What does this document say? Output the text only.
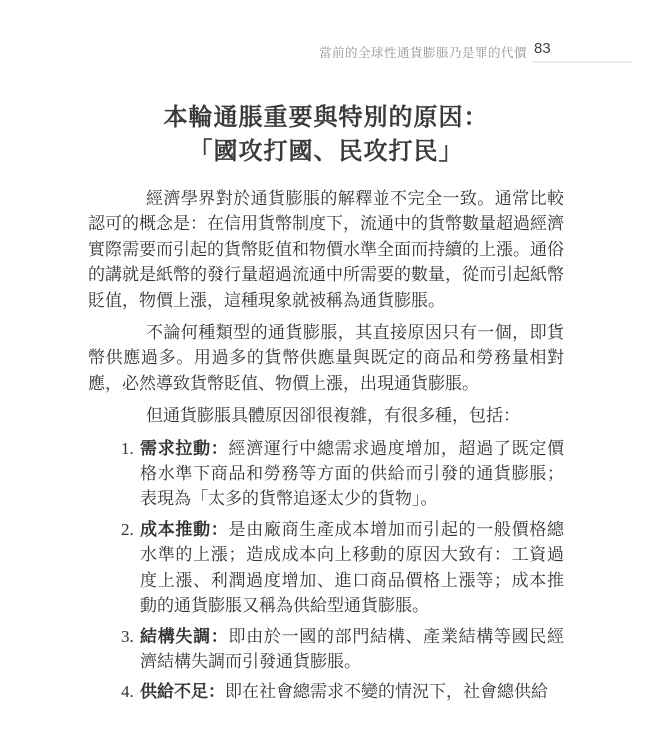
當前的全球性通貨膨脹乃是罪的代價 83
本輪通脹重要與特別的原因：
「國攻打國、民攻打民」

經濟學界對於通貨膨脹的解釋並不完全一致。通常比較認可的概念是：在信用貨幣制度下，流通中的貨幣數量超過經濟實際需要而引起的貨幣貶值和物價水準全面而持續的上漲。通俗的講就是紙幣的發行量超過流通中所需要的數量，從而引起紙幣貶值，物價上漲，這種現象就被稱為通貨膨脹。

不論何種類型的通貨膨脹，其直接原因只有一個，即貨幣供應過多。用過多的貨幣供應量與既定的商品和勞務量相對應，必然導致貨幣貶值、物價上漲，出現通貨膨脹。

但通貨膨脹具體原因卻很複雜，有很多種，包括：

1. 需求拉動：經濟運行中總需求過度增加，超過了既定價格水準下商品和勞務等方面的供給而引發的通貨膨脹；表現為「太多的貨幣追逐太少的貨物」。
2. 成本推動：是由廠商生產成本增加而引起的一般價格總水準的上漲；造成成本向上移動的原因大致有：工資過度上漲、利潤過度增加、進口商品價格上漲等；成本推動的通貨膨脹又稱為供給型通貨膨脹。
3. 結構失調：即由於一國的部門結構、產業結構等國民經濟結構失調而引發通貨膨脹。
4. 供給不足：即在社會總需求不變的情況下，社會總供給
